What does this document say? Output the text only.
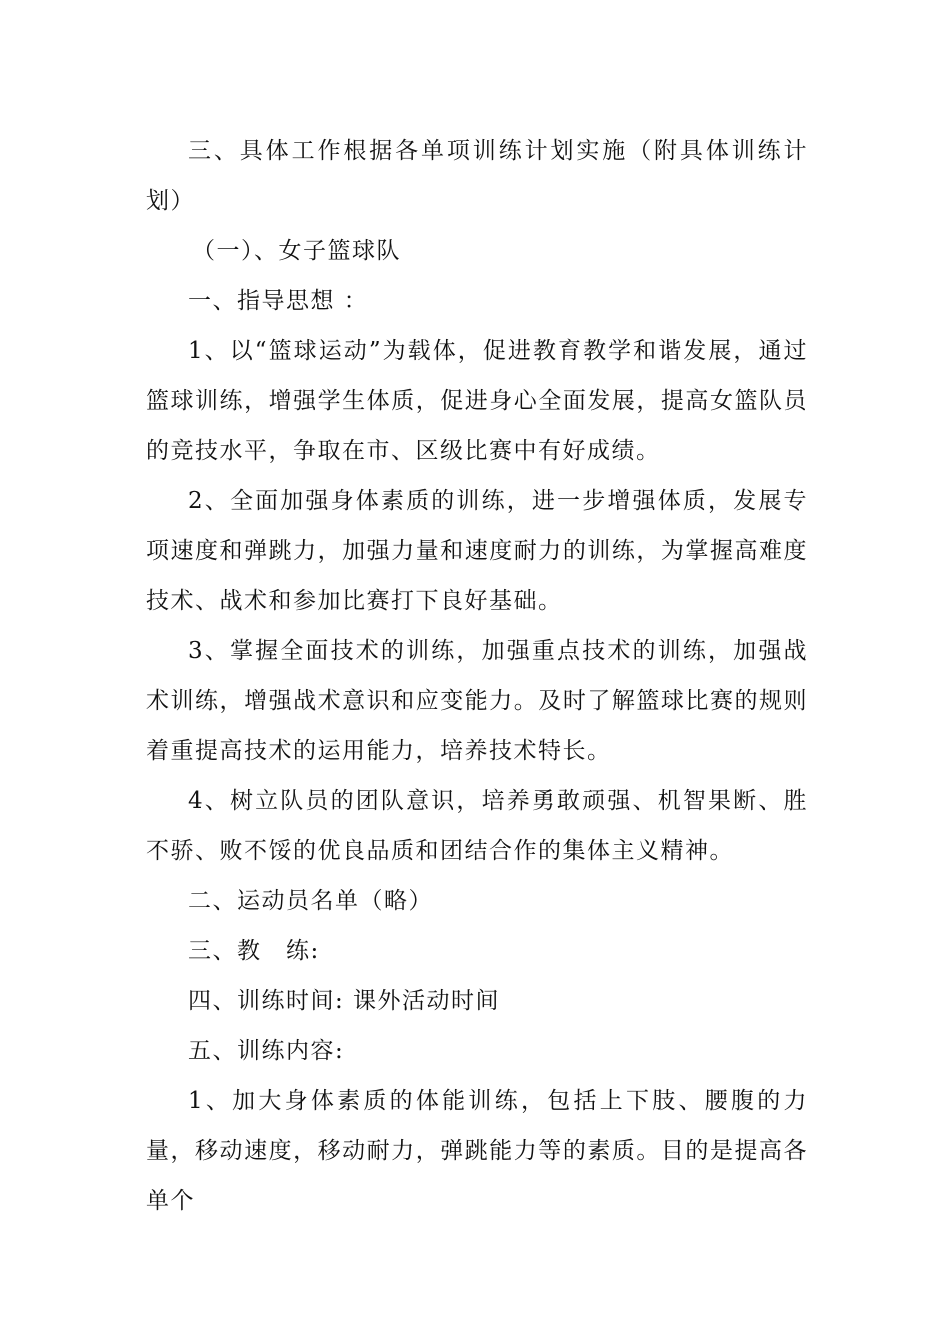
三、具体工作根据各单项训练计划实施（附具体训练计划）

（一）、女子篮球队

一、指导思想 ：

1、以“篮球运动”为载体，促进教育教学和谐发展，通过篮球训练，增强学生体质，促进身心全面发展，提高女篮队员的竞技水平，争取在市、区级比赛中有好成绩。

2、全面加强身体素质的训练，进一步增强体质，发展专项速度和弹跳力，加强力量和速度耐力的训练，为掌握高难度技术、战术和参加比赛打下良好基础。

3、掌握全面技术的训练，加强重点技术的训练，加强战术训练，增强战术意识和应变能力。及时了解篮球比赛的规则着重提高技术的运用能力，培养技术特长。

4、树立队员的团队意识，培养勇敢顽强、机智果断、胜不骄、败不馁的优良品质和团结合作的集体主义精神。

二、运动员名单（略）

三、教　练:

四、训练时间: 课外活动时间

五、训练内容:

1、加大身体素质的体能训练，包括上下肢、腰腹的力量，移动速度，移动耐力，弹跳能力等的素质。目的是提高各单个
